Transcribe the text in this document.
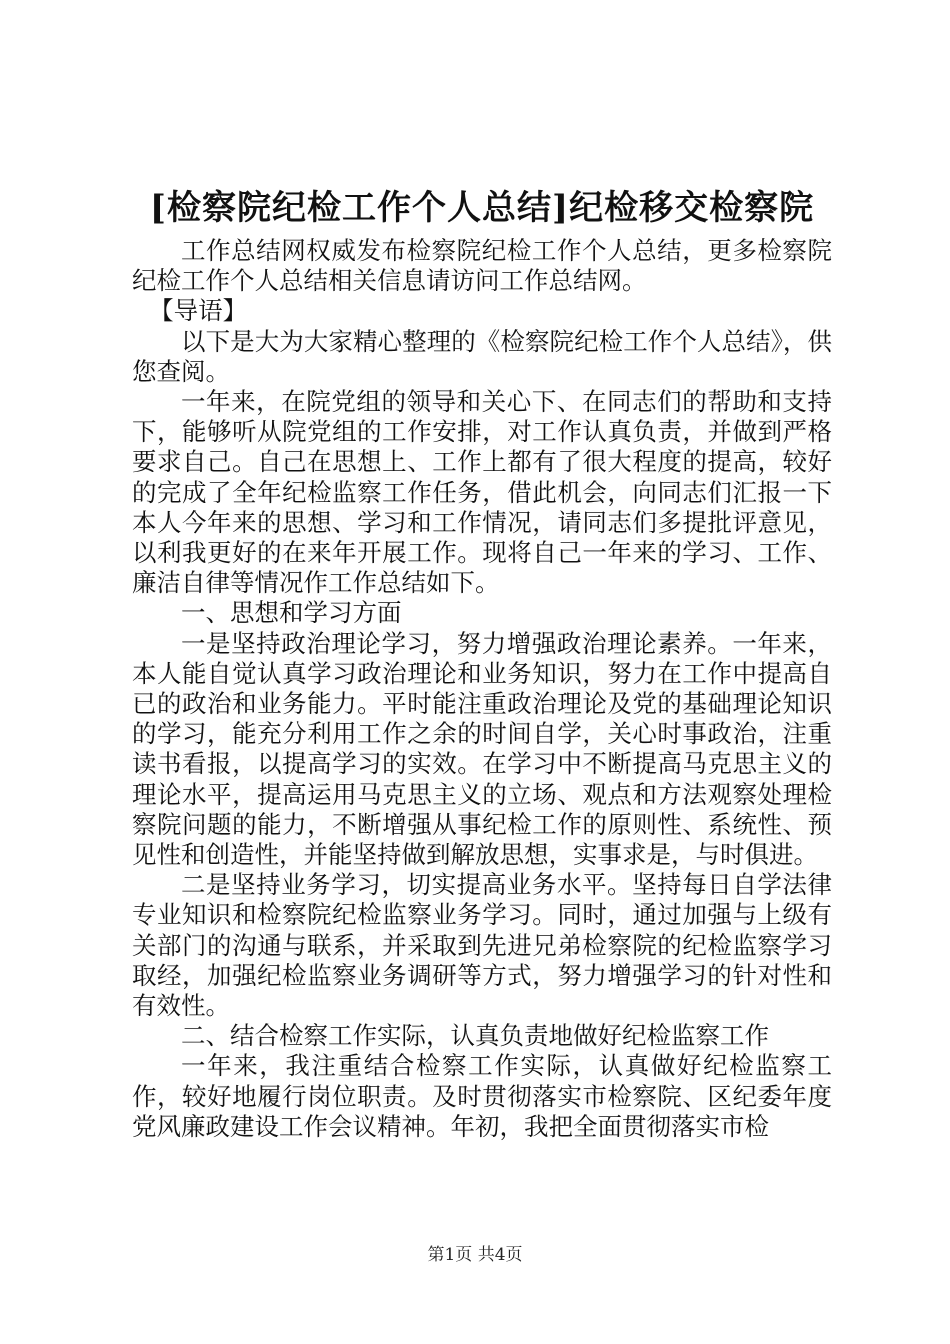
[检察院纪检工作个人总结]纪检移交检察院

工作总结网权威发布检察院纪检工作个人总结，更多检察院纪检工作个人总结相关信息请访问工作总结网。

【导语】

以下是大为大家精心整理的《检察院纪检工作个人总结》，供您查阅。

一年来，在院党组的领导和关心下、在同志们的帮助和支持下，能够听从院党组的工作安排，对工作认真负责，并做到严格要求自己。自己在思想上、工作上都有了很大程度的提高，较好的完成了全年纪检监察工作任务，借此机会，向同志们汇报一下本人今年来的思想、学习和工作情况，请同志们多提批评意见，以利我更好的在来年开展工作。现将自己一年来的学习、工作、廉洁自律等情况作工作总结如下。

一、思想和学习方面

一是坚持政治理论学习，努力增强政治理论素养。一年来，本人能自觉认真学习政治理论和业务知识，努力在工作中提高自已的政治和业务能力。平时能注重政治理论及党的基础理论知识的学习，能充分利用工作之余的时间自学，关心时事政治，注重读书看报，以提高学习的实效。在学习中不断提高马克思主义的理论水平，提高运用马克思主义的立场、观点和方法观察处理检察院问题的能力，不断增强从事纪检工作的原则性、系统性、预见性和创造性，并能坚持做到解放思想，实事求是，与时俱进。

二是坚持业务学习，切实提高业务水平。坚持每日自学法律专业知识和检察院纪检监察业务学习。同时，通过加强与上级有关部门的沟通与联系，并采取到先进兄弟检察院的纪检监察学习取经，加强纪检监察业务调研等方式，努力增强学习的针对性和有效性。

二、结合检察工作实际，认真负责地做好纪检监察工作

一年来，我注重结合检察工作实际，认真做好纪检监察工作，较好地履行岗位职责。及时贯彻落实市检察院、区纪委年度党风廉政建设工作会议精神。年初，我把全面贯彻落实市检

第1页 共4页
